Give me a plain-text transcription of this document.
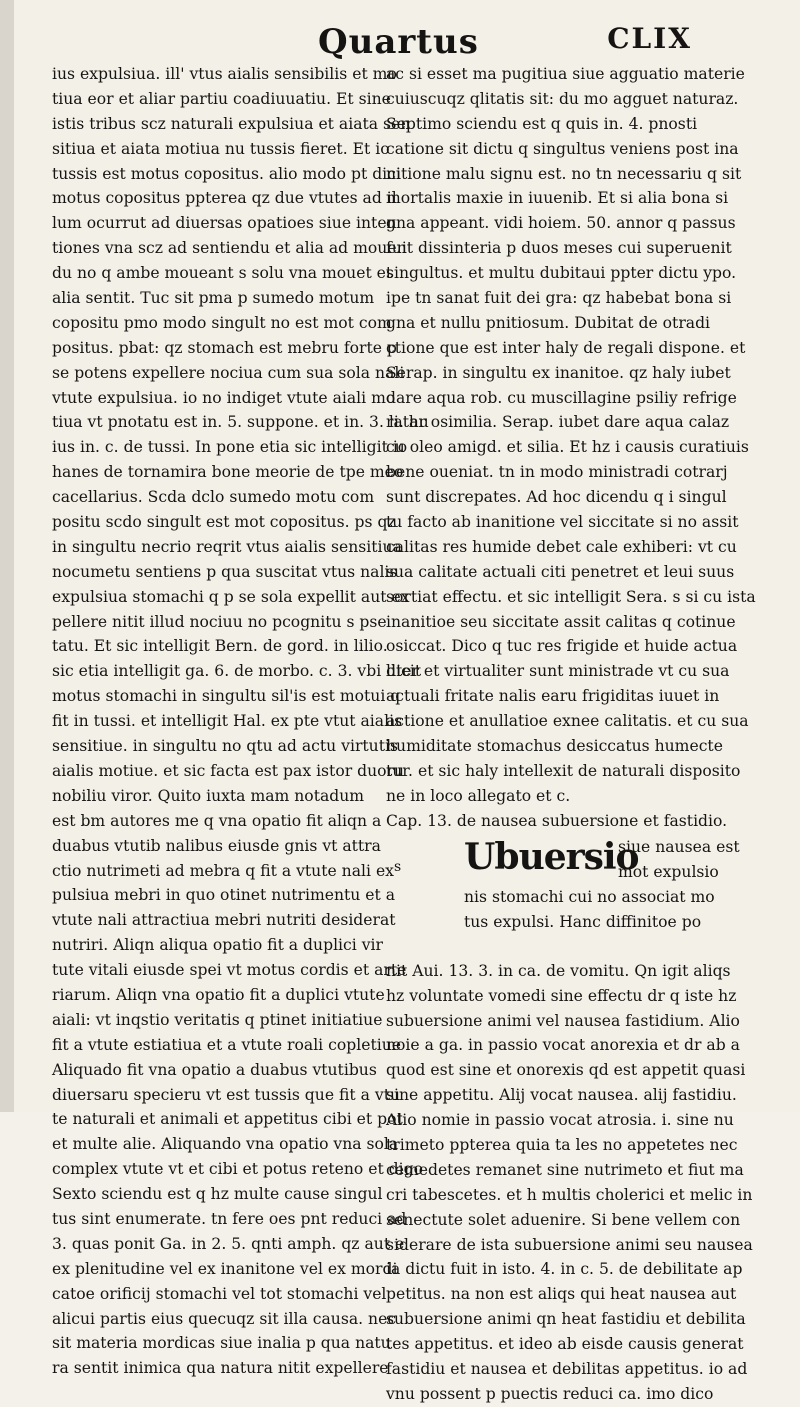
Quartus	CLIX
ius expulsiua. ill' vtus aialis sensibilis et mo
tiua eor et aliar partiu coadiuuatiu. Et sine
istis tribus scz naturali expulsiua et aiata sen
sitiua et aiata motiua nu tussis fieret. Et io
tussis est motus copositus. alio modo pt dici
motus copositus ppterea qz due vtutes ad il
lum ocurrut ad diuersas opatioes siue inten
tiones vna scz ad sentiendu et alia ad mouen
du no q ambe moueant s solu vna mouet et
alia sentit. Tuc sit pma p sumedo motum
copositu pmo modo singult no est mot com
positus. pbat: qz stomach est mebru forte p
se potens expellere nociua cum sua sola nali
vtute expulsiua. io no indiget vtute aiali mo
tiua vt pnotatu est in. 5. suppone. et in. 3. li. hu
ius in. c. de tussi. In pone etia sic intelligit io
hanes de tornamira bone meorie de tpe meo
cacellarius. Scda dclo sumedo motu com
positu scdo singult est mot copositus. ps qz
in singultu necrio reqrit vtus aialis sensitiua
nocumetu sentiens p qua suscitat vtus nalis
expulsiua stomachi q p se sola expellit aut ex
pellere nitit illud nociuu no pcognitu s pse
tatu. Et sic intelligit Bern. de gord. in lilio.
sic etia intelligit ga. 6. de morbo. c. 3. vbi dicit
motus stomachi in singultu sil'is est motui q
fit in tussi. et intelligit Hal. ex pte vtut aialis
sensitiue. in singultu no qtu ad actu virtutis
aialis motiue. et sic facta est pax istor duoru
nobiliu viror. Quito iuxta mam notadum
est bm autores me q vna opatio fit aliqn a
duabus vtutib nalibus eiusde gnis vt attra
ctio nutrimeti ad mebra q fit a vtute nali ex
pulsiua mebri in quo otinet nutrimentu et a
vtute nali attractiua mebri nutriti desiderat
nutriri. Aliqn aliqua opatio fit a duplici vir
tute vitali eiusde spei vt motus cordis et arte
riarum. Aliqn vna opatio fit a duplici vtute
aiali: vt inqstio veritatis q ptinet initiatiue
fit a vtute estiatiua et a vtute roali copletiue
Aliquado fit vna opatio a duabus vtutibus
diuersaru specieru vt est tussis que fit a vtu
te naturali et animali et appetitus cibi et pot
et multe alie. Aliquando vna opatio vna sola
complex vtute vt et cibi et potus reteno et digo
Sexto sciendu est q hz multe cause singul
tus sint enumerate. tn fere oes pnt reduci ad
3. quas ponit Ga. in 2. 5. qnti amph. qz aut e
ex plenitudine vel ex inanitone vel ex mordi
catoe orificij stomachi vel tot stomachi vel
alicui partis eius quecuqz sit illa causa. nec
sit materia mordicas siue inalia p qua natu
ra sentit inimica qua natura nitit expellere
ac si esset ma pugitiua siue agguatio materie
cuiuscuqz qlitatis sit: du mo agguet naturaz.
Septimo sciendu est q quis in. 4. pnosti
catione sit dictu q singultus veniens post ina
nitione malu signu est. no tn necessariu q sit
mortalis maxie in iuuenib. Et si alia bona si
gna appeant. vidi hoiem. 50. annor q passus
fuit dissinteria p duos meses cui superuenit
singultus. et multu dubitaui ppter dictu ypo.
ipe tn sanat fuit dei gra: qz habebat bona si
gna et nullu pnitiosum. Dubitat de otradi
ctione que est inter haly de regali dispone. et
Serap. in singultu ex inanitoe. qz haly iubet
dare aqua rob. cu muscillagine psiliy refrige
ratar osimilia. Serap. iubet dare aqua calaz
cu oleo amigd. et silia. Et hz i causis curatiuis
bene oueniat. tn in modo ministradi cotrarj
sunt discrepates. Ad hoc dicendu q i singul
tu facto ab inanitione vel siccitate si no assit
calitas res humide debet cale exhiberi: vt cu
sua calitate actuali citi penetret et leui suus
sortiat effectu. et sic intelligit Sera. s si cu ista
inanitioe seu siccitate assit calitas q cotinue
osiccat. Dico q tuc res frigide et huide actua
liter et virtualiter sunt ministrade vt cu sua
actuali fritate nalis earu frigiditas iuuet in
actione et anullatioe exnee calitatis. et cu sua
humiditate stomachus desiccatus humecte
tur. et sic haly intellexit de naturali disposito
ne in loco allegato et c.
Cap. 13. de nausea subuersione et fastidio.
s Ubuersio
siue nausea est
mot expulsio
nis stomachi cui no associat mo
tus expulsi. Hanc diffinitoe po
nit Aui. 13. 3. in ca. de vomitu. Qn igit aliqs
hz voluntate vomedi sine effectu dr q iste hz
subuersione animi vel nausea fastidium. Alio
noie a ga. in passio vocat anorexia et dr ab a
quod est sine et onorexis qd est appetit quasi
sine appetitu. Alij vocat nausea. alij fastidiu.
Alio nomie in passio vocat atrosia. i. sine nu
trimeto ppterea quia ta les no appetetes nec
cemedetes remanet sine nutrimeto et fiut ma
cri tabescetes. et h multis cholerici et melic in
senectute solet aduenire. Si bene vellem con
siderare de ista subuersione animi seu nausea
ia dictu fuit in isto. 4. in c. 5. de debilitate ap
petitus. na non est aliqs qui heat nausea aut
subuersione animi qn heat fastidiu et debilita
tes appetitus. et ideo ab eisde causis generat
fastidiu et nausea et debilitas appetitus. io ad
vnu possent p puectis reduci ca. imo dico
